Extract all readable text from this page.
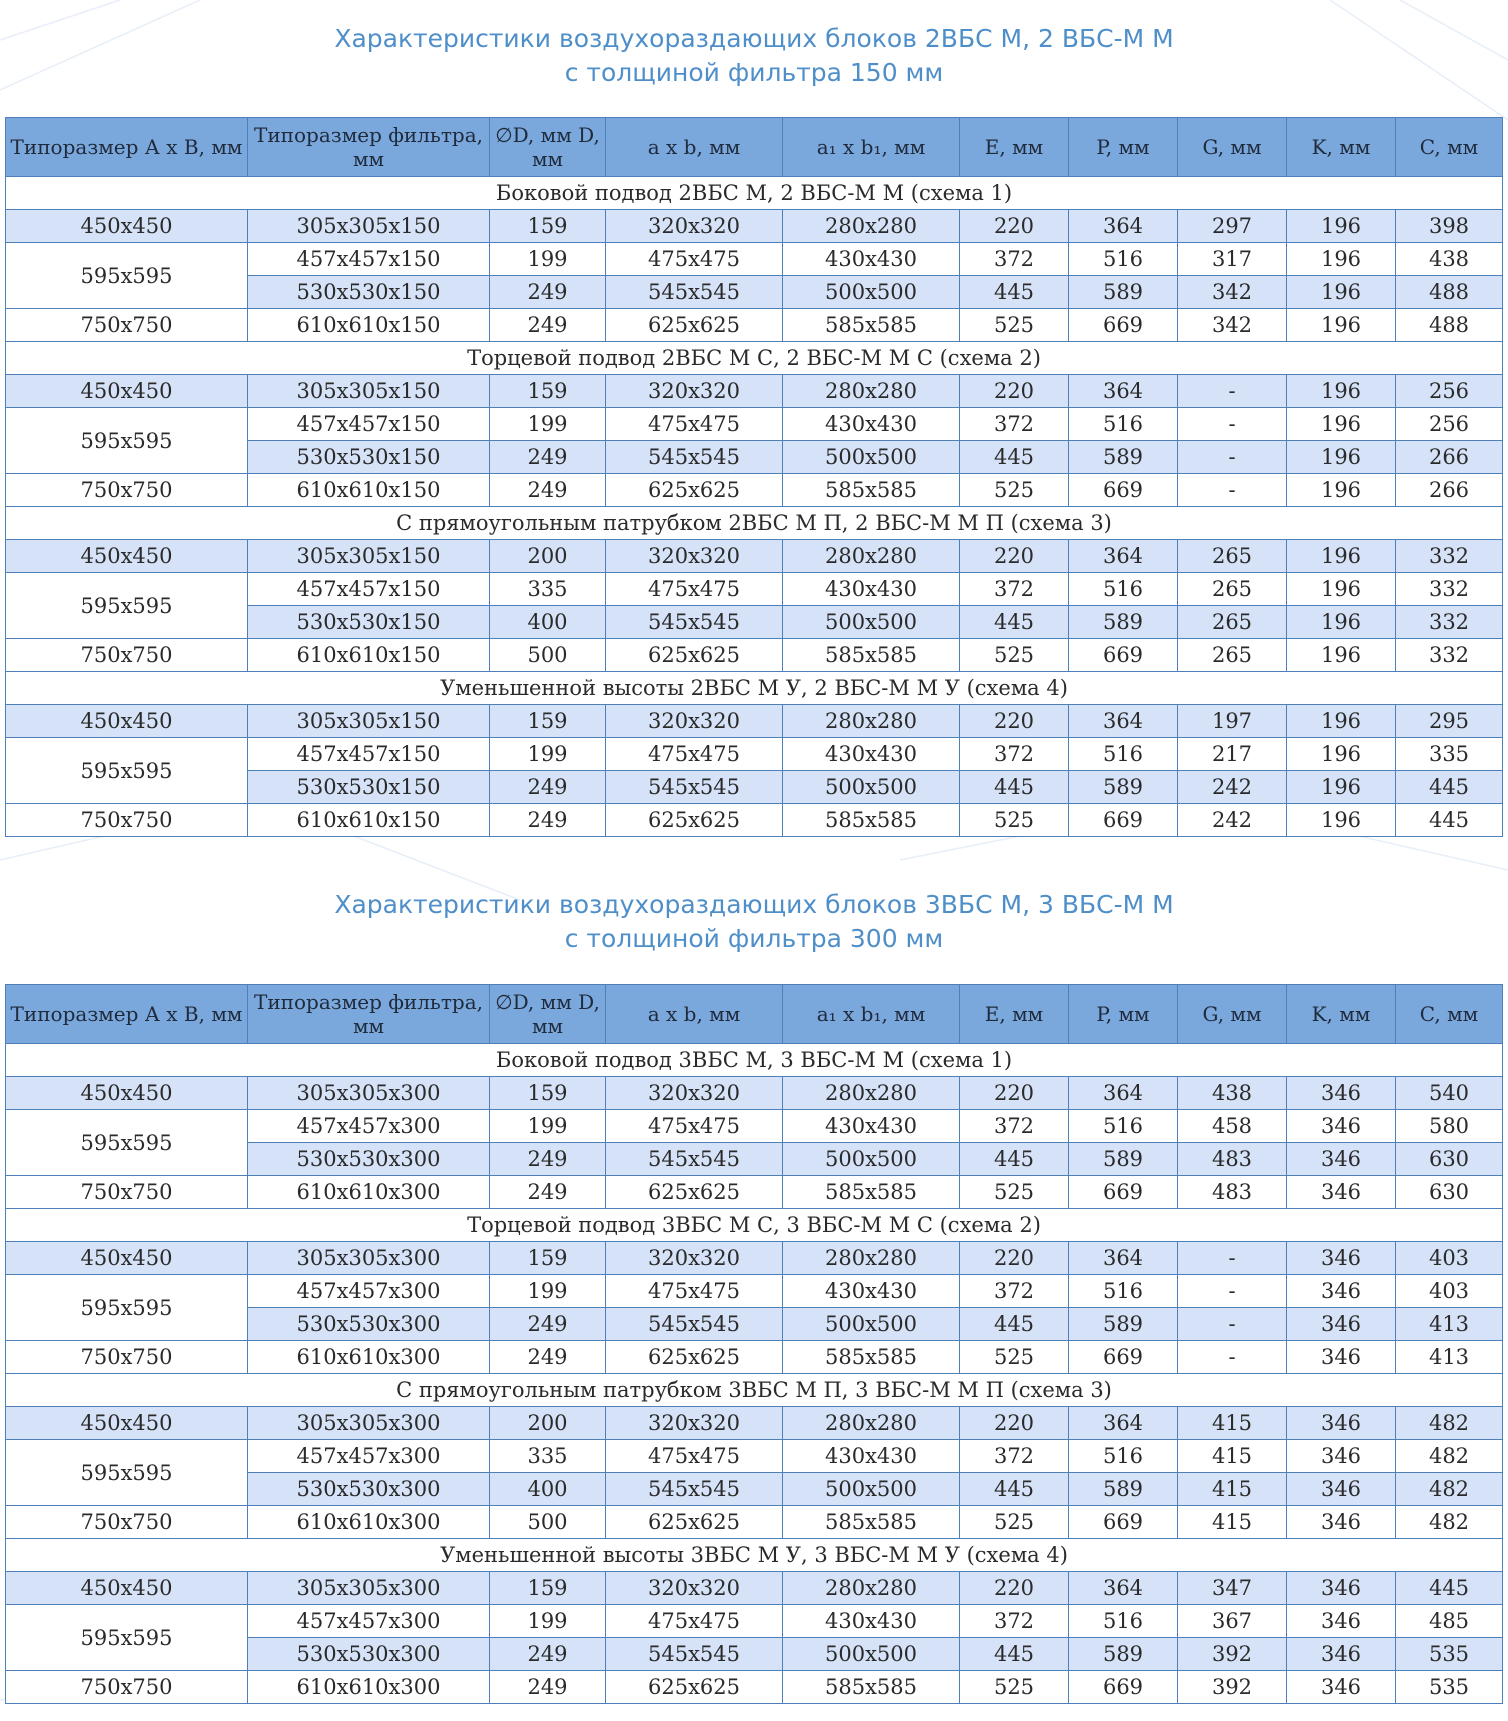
Характеристики воздухораздающих блоков 2ВБС М, 2 ВБС-М М
с толщиной фильтра 150 мм
Типоразмер А х В, мм	Типоразмер фильтра, мм	∅D, мм D, мм	a x b, мм	a₁ x b₁, мм	E, мм	P, мм	G, мм	K, мм	C, мм
Боковой подвод 2ВБС М, 2 ВБС-М М (схема 1)									
450x450	305x305x150	159	320x320	280x280	220	364	297	196	398
595x595	457x457x150	199	475x475	430x430	372	516	317	196	438
	530x530x150	249	545x545	500x500	445	589	342	196	488
750x750	610x610x150	249	625x625	585x585	525	669	342	196	488
Торцевой подвод 2ВБС М С, 2 ВБС-М М С (схема 2)									
450x450	305x305x150	159	320x320	280x280	220	364	-	196	256
595x595	457x457x150	199	475x475	430x430	372	516	-	196	256
	530x530x150	249	545x545	500x500	445	589	-	196	266
750x750	610x610x150	249	625x625	585x585	525	669	-	196	266
С прямоугольным патрубком 2ВБС М П, 2 ВБС-М М П (схема 3)									
450x450	305x305x150	200	320x320	280x280	220	364	265	196	332
595x595	457x457x150	335	475x475	430x430	372	516	265	196	332
	530x530x150	400	545x545	500x500	445	589	265	196	332
750x750	610x610x150	500	625x625	585x585	525	669	265	196	332
Уменьшенной высоты 2ВБС М У, 2 ВБС-М М У (схема 4)									
450x450	305x305x150	159	320x320	280x280	220	364	197	196	295
595x595	457x457x150	199	475x475	430x430	372	516	217	196	335
	530x530x150	249	545x545	500x500	445	589	242	196	445
750x750	610x610x150	249	625x625	585x585	525	669	242	196	445
Характеристики воздухораздающих блоков 3ВБС М, 3 ВБС-М М
с толщиной фильтра 300 мм
Типоразмер А х В, мм	Типоразмер фильтра, мм	∅D, мм D, мм	a x b, мм	a₁ x b₁, мм	E, мм	P, мм	G, мм	K, мм	C, мм
Боковой подвод 3ВБС М, 3 ВБС-М М (схема 1)									
450x450	305x305x300	159	320x320	280x280	220	364	438	346	540
595x595	457x457x300	199	475x475	430x430	372	516	458	346	580
	530x530x300	249	545x545	500x500	445	589	483	346	630
750x750	610x610x300	249	625x625	585x585	525	669	483	346	630
Торцевой подвод 3ВБС М С, 3 ВБС-М М С (схема 2)									
450x450	305x305x300	159	320x320	280x280	220	364	-	346	403
595x595	457x457x300	199	475x475	430x430	372	516	-	346	403
	530x530x300	249	545x545	500x500	445	589	-	346	413
750x750	610x610x300	249	625x625	585x585	525	669	-	346	413
С прямоугольным патрубком 3ВБС М П, 3 ВБС-М М П (схема 3)									
450x450	305x305x300	200	320x320	280x280	220	364	415	346	482
595x595	457x457x300	335	475x475	430x430	372	516	415	346	482
	530x530x300	400	545x545	500x500	445	589	415	346	482
750x750	610x610x300	500	625x625	585x585	525	669	415	346	482
Уменьшенной высоты 3ВБС М У, 3 ВБС-М М У (схема 4)									
450x450	305x305x300	159	320x320	280x280	220	364	347	346	445
595x595	457x457x300	199	475x475	430x430	372	516	367	346	485
	530x530x300	249	545x545	500x500	445	589	392	346	535
750x750	610x610x300	249	625x625	585x585	525	669	392	346	535
